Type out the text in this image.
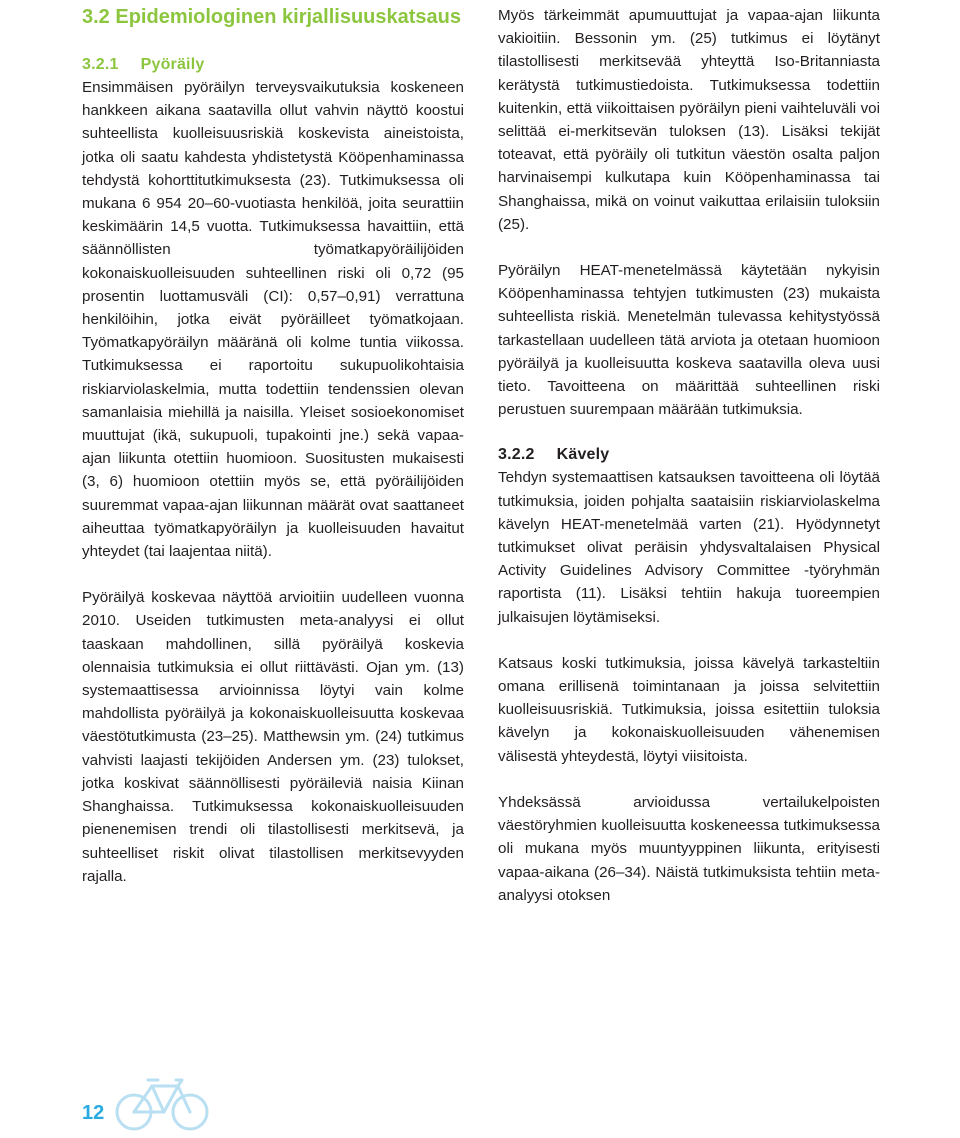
3.2 Epidemiologinen kirjallisuuskatsaus
3.2.1 Pyöräily

Ensimmäisen pyöräilyn terveysvaikutuksia koskeneen hankkeen aikana saatavilla ollut vahvin näyttö koostui suhteellista kuolleisuusriskiä koskevista aineistoista, jotka oli saatu kahdesta yhdistetystä Kööpenhaminassa tehdystä kohorttitutkimuksesta (23). Tutkimuksessa oli mukana 6 954 20–60-vuotiasta henkilöä, joita seurattiin keskimäärin 14,5 vuotta. Tutkimuksessa havaittiin, että säännöllisten työmatkapyöräilijöiden kokonaiskuolleisuuden suhteellinen riski oli 0,72 (95 prosentin luottamusväli (CI): 0,57–0,91) verrattuna henkilöihin, jotka eivät pyöräilleet työmatkojaan. Työmatkapyöräilyn määränä oli kolme tuntia viikossa. Tutkimuksessa ei raportoitu sukupuolikohtaisia riskiarviolaskelmia, mutta todettiin tendenssien olevan samanlaisia miehillä ja naisilla. Yleiset sosioekonomiset muuttujat (ikä, sukupuoli, tupakointi jne.) sekä vapaa-ajan liikunta otettiin huomioon. Suositusten mukaisesti (3, 6) huomioon otettiin myös se, että pyöräilijöiden suuremmat vapaa-ajan liikunnan määrät ovat saattaneet aiheuttaa työmatkapyöräilyn ja kuolleisuuden havaitut yhteydet (tai laajentaa niitä).

Pyöräilyä koskevaa näyttöä arvioitiin uudelleen vuonna 2010. Useiden tutkimusten meta-analyysi ei ollut taaskaan mahdollinen, sillä pyöräilyä koskevia olennaisia tutkimuksia ei ollut riittävästi. Ojan ym. (13) systemaattisessa arvioinnissa löytyi vain kolme mahdollista pyöräilyä ja kokonaiskuolleisuutta koskevaa väestötutkimusta (23–25). Matthewsin ym. (24) tutkimus vahvisti laajasti tekijöiden Andersen ym. (23) tulokset, jotka koskivat säännöllisesti pyöräileviä naisia Kiinan Shanghaissa. Tutkimuksessa kokonaiskuolleisuuden pienenemisen trendi oli tilastollisesti merkitsevä, ja suhteelliset riskit olivat tilastollisen merkitsevyyden rajalla.

Myös tärkeimmät apumuuttujat ja vapaa-ajan liikunta vakioitiin. Bessonin ym. (25) tutkimus ei löytänyt tilastollisesti merkitsevää yhteyttä Iso-Britanniasta kerätystä tutkimustiedoista. Tutkimuksessa todettiin kuitenkin, että viikoittaisen pyöräilyn pieni vaihteluväli voi selittää ei-merkitsevän tuloksen (13). Lisäksi tekijät toteavat, että pyöräily oli tutkitun väestön osalta paljon harvinaisempi kulkutapa kuin Kööpenhaminassa tai Shanghaissa, mikä on voinut vaikuttaa erilaisiin tuloksiin (25).

Pyöräilyn HEAT-menetelmässä käytetään nykyisin Kööpenhaminassa tehtyjen tutkimusten (23) mukaista suhteellista riskiä. Menetelmän tulevassa kehitystyössä tarkastellaan uudelleen tätä arviota ja otetaan huomioon pyöräilyä ja kuolleisuutta koskeva saatavilla oleva uusi tieto. Tavoitteena on määrittää suhteellinen riski perustuen suurempaan määrään tutkimuksia.

3.2.2 Kävely

Tehdyn systemaattisen katsauksen tavoitteena oli löytää tutkimuksia, joiden pohjalta saataisiin riskiarviolaskelma kävelyn HEAT-menetelmää varten (21). Hyödynnetyt tutkimukset olivat peräisin yhdysvaltalaisen Physical Activity Guidelines Advisory Committee -työryhmän raportista (11). Lisäksi tehtiin hakuja tuoreempien julkaisujen löytämiseksi.

Katsaus koski tutkimuksia, joissa kävelyä tarkasteltiin omana erillisenä toimintanaan ja joissa selvitettiin kuolleisuusriskiä. Tutkimuksia, joissa esitettiin tuloksia kävelyn ja kokonaiskuolleisuuden vähenemisen välisestä yhteydestä, löytyi viisitoista.

Yhdeksässä arvioidussa vertailukelpoisten väestöryhmien kuolleisuutta koskeneessa tutkimuksessa oli mukana myös muuntyyppinen liikunta, erityisesti vapaa-aikana (26–34). Näistä tutkimuksista tehtiin meta-analyysi otoksen

12
